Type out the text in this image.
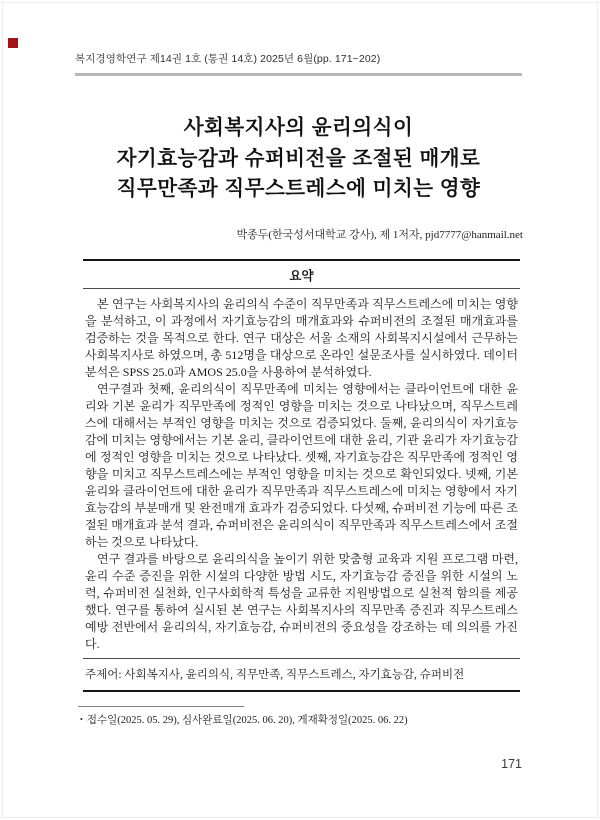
복지경영학연구 제14권 1호 (통권 14호) 2025년 6월(pp. 171~202)
사회복지사의 윤리의식이
자기효능감과 슈퍼비전을 조절된 매개로
직무만족과 직무스트레스에 미치는 영향
박종두(한국성서대학교 강사), 제 1저자, pjd7777@hanmail.net
요약

본 연구는 사회복지사의 윤리의식 수준이 직무만족과 직무스트레스에 미치는 영향을 분석하고, 이 과정에서 자기효능감의 매개효과와 슈퍼비전의 조절된 매개효과를 검증하는 것을 목적으로 한다. 연구 대상은 서울 소재의 사회복지시설에서 근무하는 사회복지사로 하였으며, 총 512명을 대상으로 온라인 설문조사를 실시하였다. 데이터 분석은 SPSS 25.0과 AMOS 25.0을 사용하여 분석하였다.

연구결과 첫째, 윤리의식이 직무만족에 미치는 영향에서는 클라이언트에 대한 윤리와 기본 윤리가 직무만족에 정적인 영향을 미치는 것으로 나타났으며, 직무스트레스에 대해서는 부적인 영향을 미치는 것으로 검증되었다. 둘째, 윤리의식이 자기효능감에 미치는 영향에서는 기본 윤리, 클라이언트에 대한 윤리, 기관 윤리가 자기효능감에 정적인 영향을 미치는 것으로 나타났다. 셋째, 자기효능감은 직무만족에 정적인 영향을 미치고 직무스트레스에는 부적인 영향을 미치는 것으로 확인되었다. 넷째, 기본 윤리와 클라이언트에 대한 윤리가 직무만족과 직무스트레스에 미치는 영향에서 자기효능감의 부분매개 및 완전매개 효과가 검증되었다. 다섯째, 슈퍼비전 기능에 따른 조절된 매개효과 분석 결과, 슈퍼비전은 윤리의식이 직무만족과 직무스트레스에서 조절하는 것으로 나타났다.

연구 결과를 바탕으로 윤리의식을 높이기 위한 맞춤형 교육과 지원 프로그램 마련, 윤리 수준 증진을 위한 시설의 다양한 방법 시도, 자기효능감 증진을 위한 시설의 노력, 슈퍼비전 실천화, 인구사회학적 특성을 교류한 지원방법으로 실천적 함의를 제공했다. 연구를 통하여 실시된 본 연구는 사회복지사의 직무만족 증진과 직무스트레스 예방 전반에서 윤리의식, 자기효능감, 슈퍼비전의 중요성을 강조하는 데 의의를 가진다.

주제어: 사회복지사, 윤리의식, 직무만족, 직무스트레스, 자기효능감, 슈퍼비전
• 접수일(2025. 05. 29), 심사완료일(2025. 06. 20), 게재확정일(2025. 06. 22)
171
